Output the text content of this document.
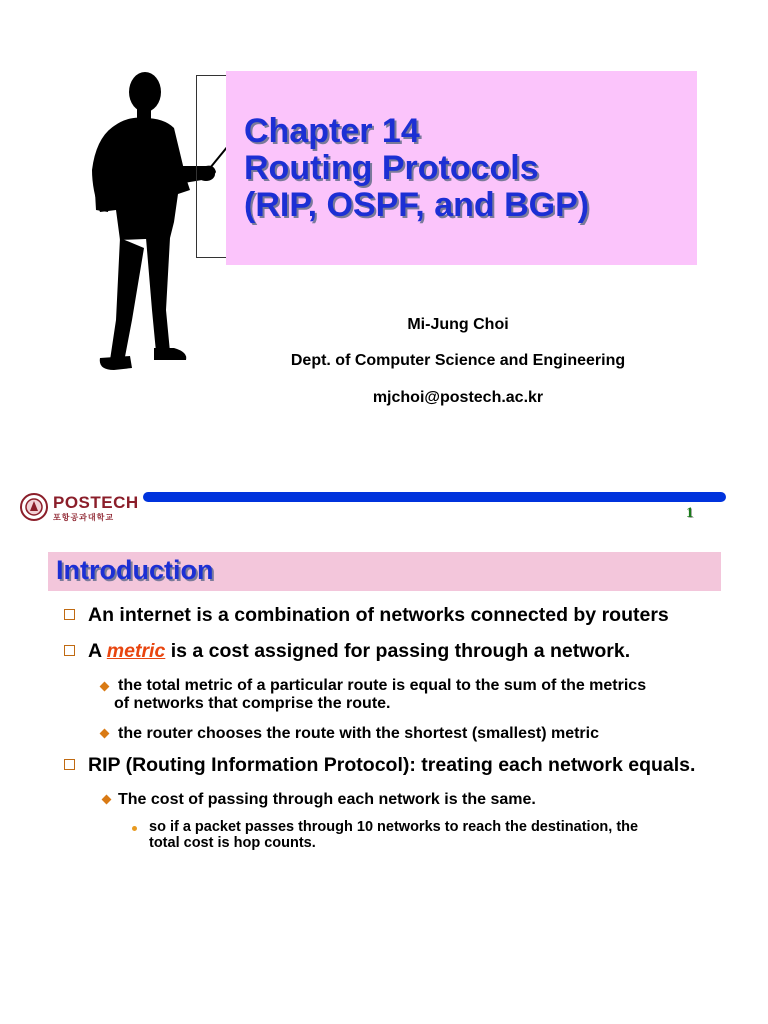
Chapter 14
Routing Protocols
(RIP, OSPF, and BGP)
Mi-Jung Choi
Dept. of Computer Science and Engineering
mjchoi@postech.ac.kr
POSTECH
포항공과대학교	1
Introduction
An internet is a combination of networks connected by routers
A metric is a cost assigned for passing through a network.
the total metric of a particular route is equal to the sum of the metrics
of networks that comprise the route.
the router chooses the route with the shortest (smallest) metric
RIP (Routing Information Protocol): treating each network equals.
The cost of passing through each network is the same.
so if a packet passes through 10 networks to reach the destination, the
total cost is hop counts.
